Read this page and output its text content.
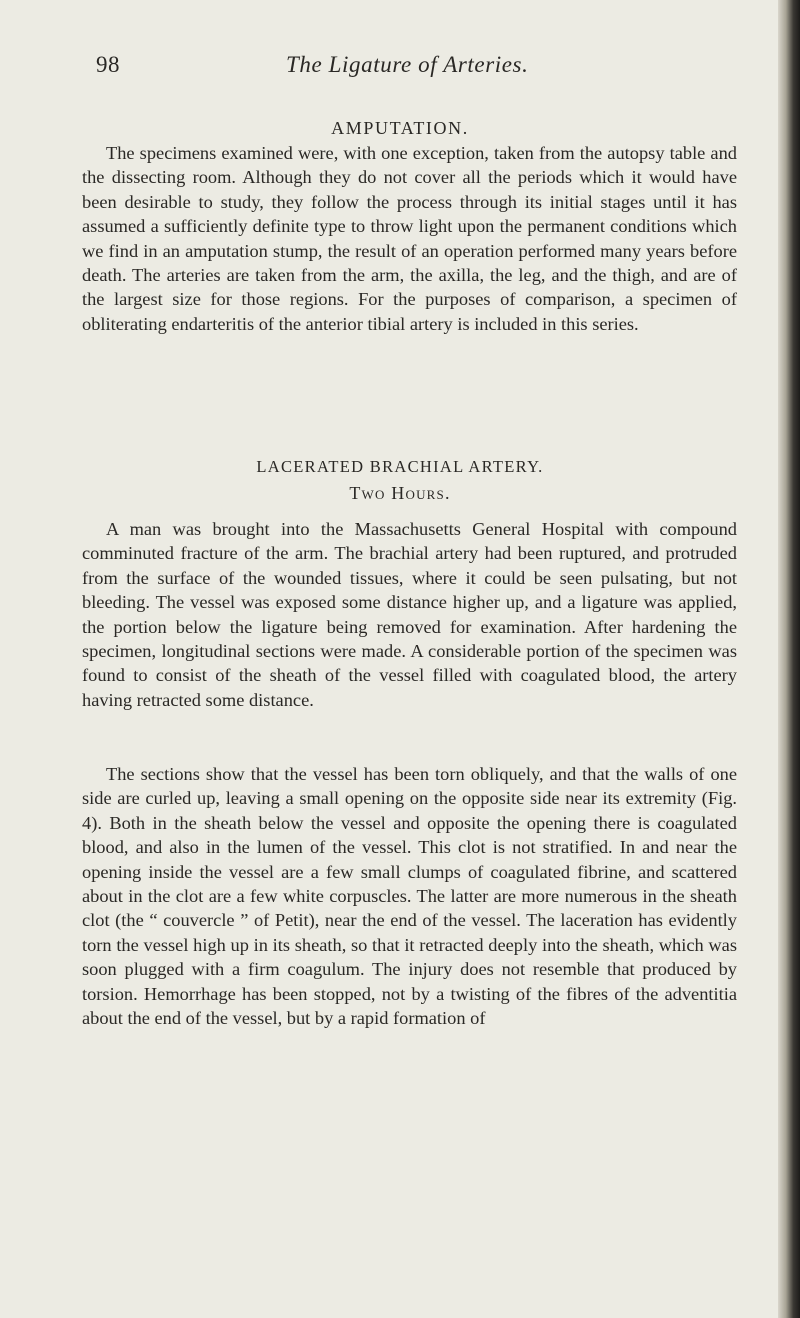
98	The Ligature of Arteries.
AMPUTATION.

The specimens examined were, with one exception, taken from the autopsy table and the dissecting room. Although they do not cover all the periods which it would have been desirable to study, they follow the process through its initial stages until it has assumed a sufficiently definite type to throw light upon the permanent conditions which we find in an amputation stump, the result of an operation performed many years before death. The arteries are taken from the arm, the axilla, the leg, and the thigh, and are of the largest size for those regions. For the purposes of comparison, a specimen of obliterating endarteritis of the anterior tibial artery is included in this series.

LACERATED BRACHIAL ARTERY.
Two Hours.

A man was brought into the Massachusetts General Hospital with compound comminuted fracture of the arm. The brachial artery had been ruptured, and protruded from the surface of the wounded tissues, where it could be seen pulsating, but not bleeding. The vessel was exposed some distance higher up, and a ligature was applied, the portion below the ligature being removed for examination. After hardening the specimen, longitudinal sections were made. A considerable portion of the specimen was found to consist of the sheath of the vessel filled with coagulated blood, the artery having retracted some distance.

The sections show that the vessel has been torn obliquely, and that the walls of one side are curled up, leaving a small opening on the opposite side near its extremity (Fig. 4). Both in the sheath below the vessel and opposite the opening there is coagulated blood, and also in the lumen of the vessel. This clot is not stratified. In and near the opening inside the vessel are a few small clumps of coagulated fibrine, and scattered about in the clot are a few white corpuscles. The latter are more numerous in the sheath clot (the “ couvercle ” of Petit), near the end of the vessel. The laceration has evidently torn the vessel high up in its sheath, so that it retracted deeply into the sheath, which was soon plugged with a firm coagulum. The injury does not resemble that produced by torsion. Hemorrhage has been stopped, not by a twisting of the fibres of the adventitia about the end of the vessel, but by a rapid formation of
